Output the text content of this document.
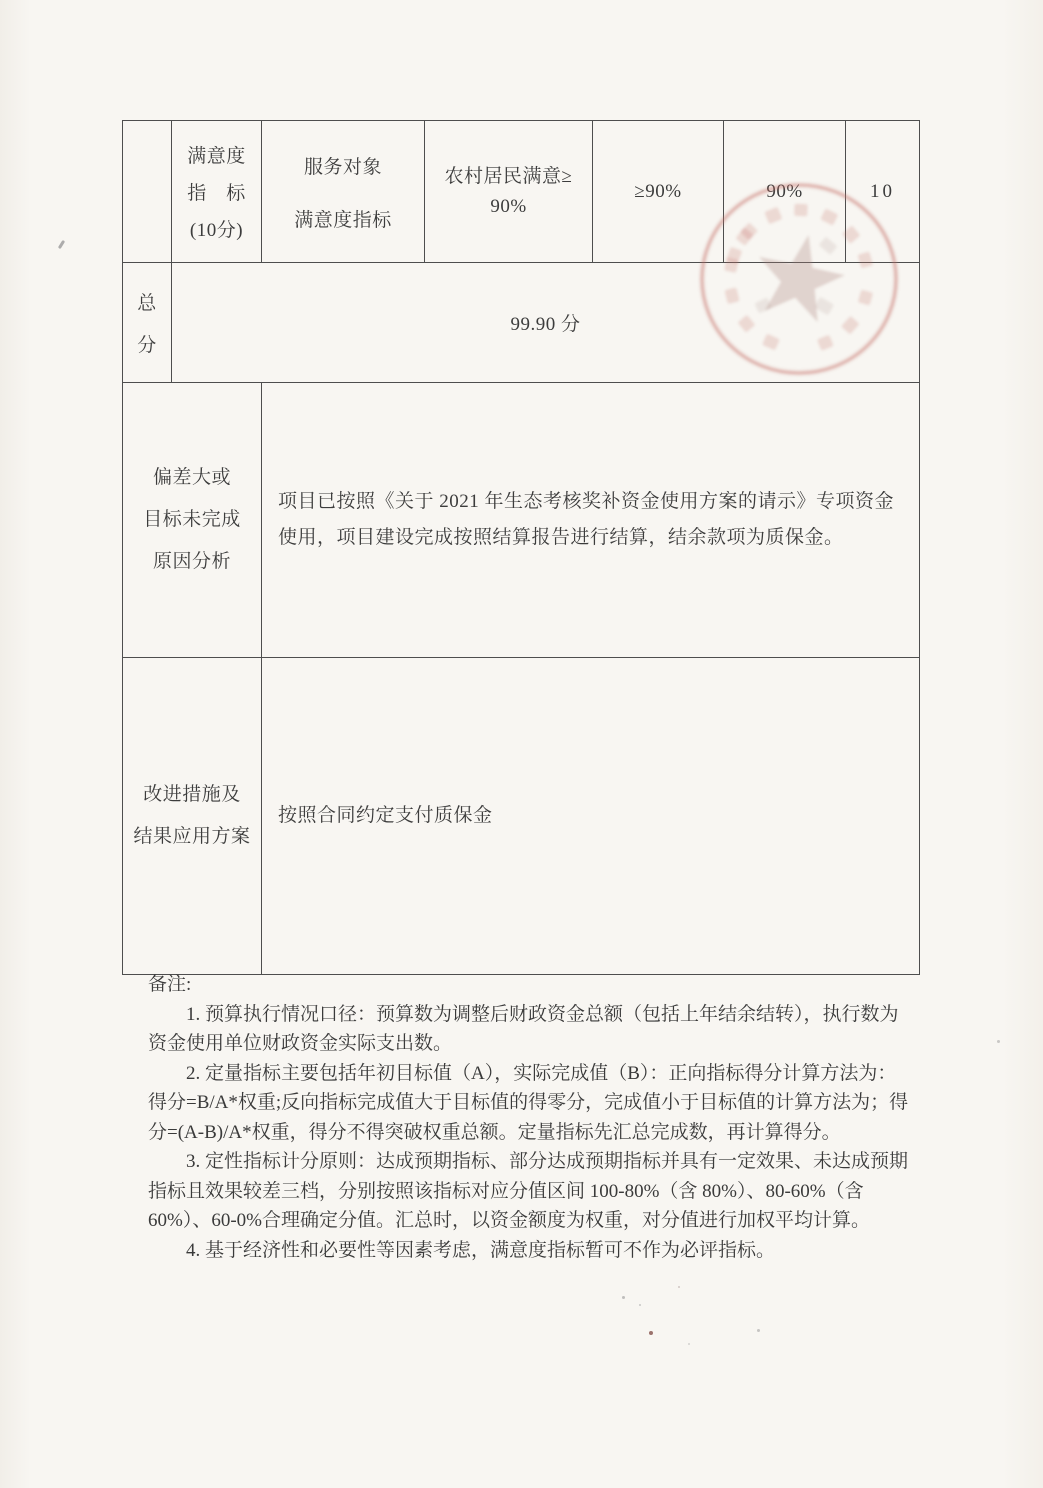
满意度
指　标
(10分)
服务对象
满意度指标
农村居民满意≥ 90%
≥90%	90%	10
总
分
99.90 分
偏差大或
目标未完成
原因分析
项目已按照《关于 2021 年生态考核奖补资金使用方案的请示》专项资金使用，项目建设完成按照结算报告进行结算，结余款项为质保金。
改进措施及
结果应用方案
按照合同约定支付质保金

备注:

1. 预算执行情况口径：预算数为调整后财政资金总额（包括上年结余结转），执行数为资金使用单位财政资金实际支出数。

2. 定量指标主要包括年初目标值（A），实际完成值（B）：正向指标得分计算方法为：得分=B/A*权重;反向指标完成值大于目标值的得零分，完成值小于目标值的计算方法为；得分=(A-B)/A*权重，得分不得突破权重总额。定量指标先汇总完成数，再计算得分。

3. 定性指标计分原则：达成预期指标、部分达成预期指标并具有一定效果、未达成预期指标且效果较差三档，分别按照该指标对应分值区间 100-80%（含 80%）、80-60%（含 60%）、60-0%合理确定分值。汇总时，以资金额度为权重，对分值进行加权平均计算。

4. 基于经济性和必要性等因素考虑，满意度指标暂可不作为必评指标。
